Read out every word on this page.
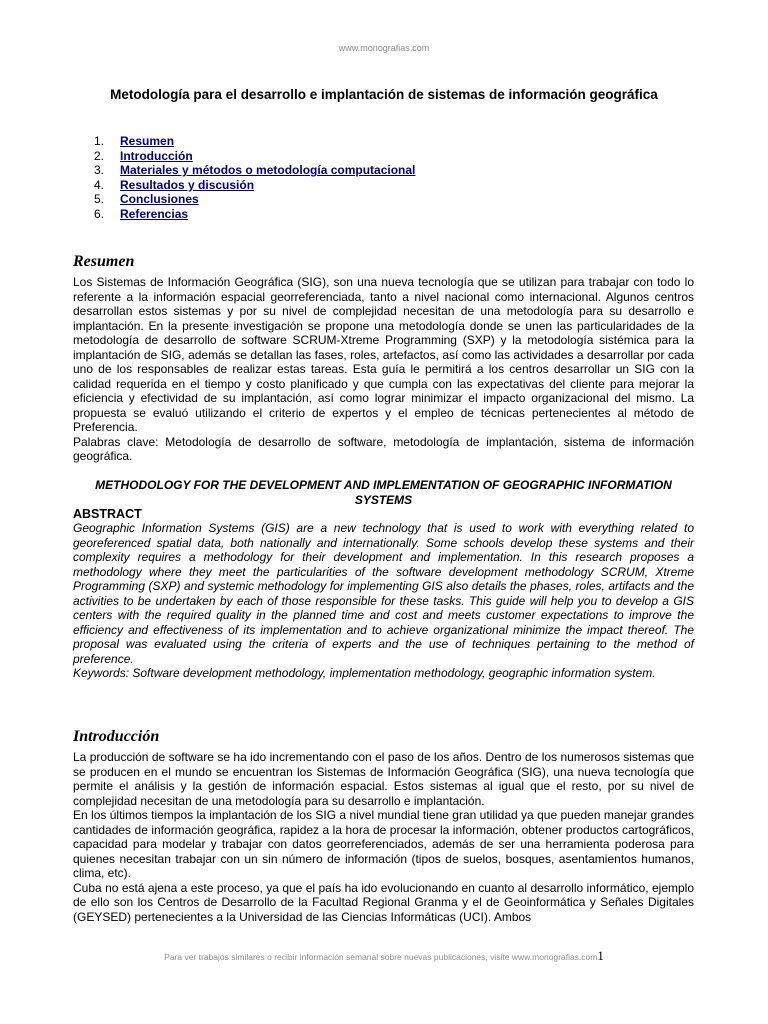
www.monografias.com
Metodología para el desarrollo e implantación de sistemas de información geográfica
1. Resumen
2. Introducción
3. Materiales y métodos o metodología computacional
4. Resultados y discusión
5. Conclusiones
6. Referencias
Resumen

Los Sistemas de Información Geográfica (SIG), son una nueva tecnología que se utilizan para trabajar con todo lo referente a la información espacial georreferenciada, tanto a nivel nacional como internacional. Algunos centros desarrollan estos sistemas y por su nivel de complejidad necesitan de una metodología para su desarrollo e implantación. En la presente investigación se propone una metodología donde se unen las particularidades de la metodología de desarrollo de software SCRUM-Xtreme Programming (SXP) y la metodología sistémica para la implantación de SIG, además se detallan las fases, roles, artefactos, así como las actividades a desarrollar por cada uno de los responsables de realizar estas tareas. Esta guía le permitirá a los centros desarrollar un SIG con la calidad requerida en el tiempo y costo planificado y que cumpla con las expectativas del cliente para mejorar la eficiencia y efectividad de su implantación, así como lograr minimizar el impacto organizacional del mismo. La propuesta se evaluó utilizando el criterio de expertos y el empleo de técnicas pertenecientes al método de Preferencia.

Palabras clave: Metodología de desarrollo de software, metodología de implantación, sistema de información geográfica.

METHODOLOGY FOR THE DEVELOPMENT AND IMPLEMENTATION OF GEOGRAPHIC INFORMATION SYSTEMS
ABSTRACT

Geographic Information Systems (GIS) are a new technology that is used to work with everything related to georeferenced spatial data, both nationally and internationally. Some schools develop these systems and their complexity requires a methodology for their development and implementation. In this research proposes a methodology where they meet the particularities of the software development methodology SCRUM, Xtreme Programming (SXP) and systemic methodology for implementing GIS also details the phases, roles, artifacts and the activities to be undertaken by each of those responsible for these tasks. This guide will help you to develop a GIS centers with the required quality in the planned time and cost and meets customer expectations to improve the efficiency and effectiveness of its implementation and to achieve organizational minimize the impact thereof. The proposal was evaluated using the criteria of experts and the use of techniques pertaining to the method of preference.

Keywords: Software development methodology, implementation methodology, geographic information system.

Introducción

La producción de software se ha ido incrementando con el paso de los años. Dentro de los numerosos sistemas que se producen en el mundo se encuentran los Sistemas de Información Geográfica (SIG), una nueva tecnología que permite el análisis y la gestión de información espacial. Estos sistemas al igual que el resto, por su nivel de complejidad necesitan de una metodología para su desarrollo e implantación.

En los últimos tiempos la implantación de los SIG a nivel mundial tiene gran utilidad ya que pueden manejar grandes cantidades de información geográfica, rapidez a la hora de procesar la información, obtener productos cartográficos, capacidad para modelar y trabajar con datos georreferenciados, además de ser una herramienta poderosa para quienes necesitan trabajar con un sin número de información (tipos de suelos, bosques, asentamientos humanos, clima, etc).

Cuba no está ajena a este proceso, ya que el país ha ido evolucionando en cuanto al desarrollo informático, ejemplo de ello son los Centros de Desarrollo de la Facultad Regional Granma y el de Geoinformática y Señales Digitales (GEYSED) pertenecientes a la Universidad de las Ciencias Informáticas (UCI). Ambos

Para ver trabajos similares o recibir información semanal sobre nuevas publicaciones, visite www.monografias.com1
